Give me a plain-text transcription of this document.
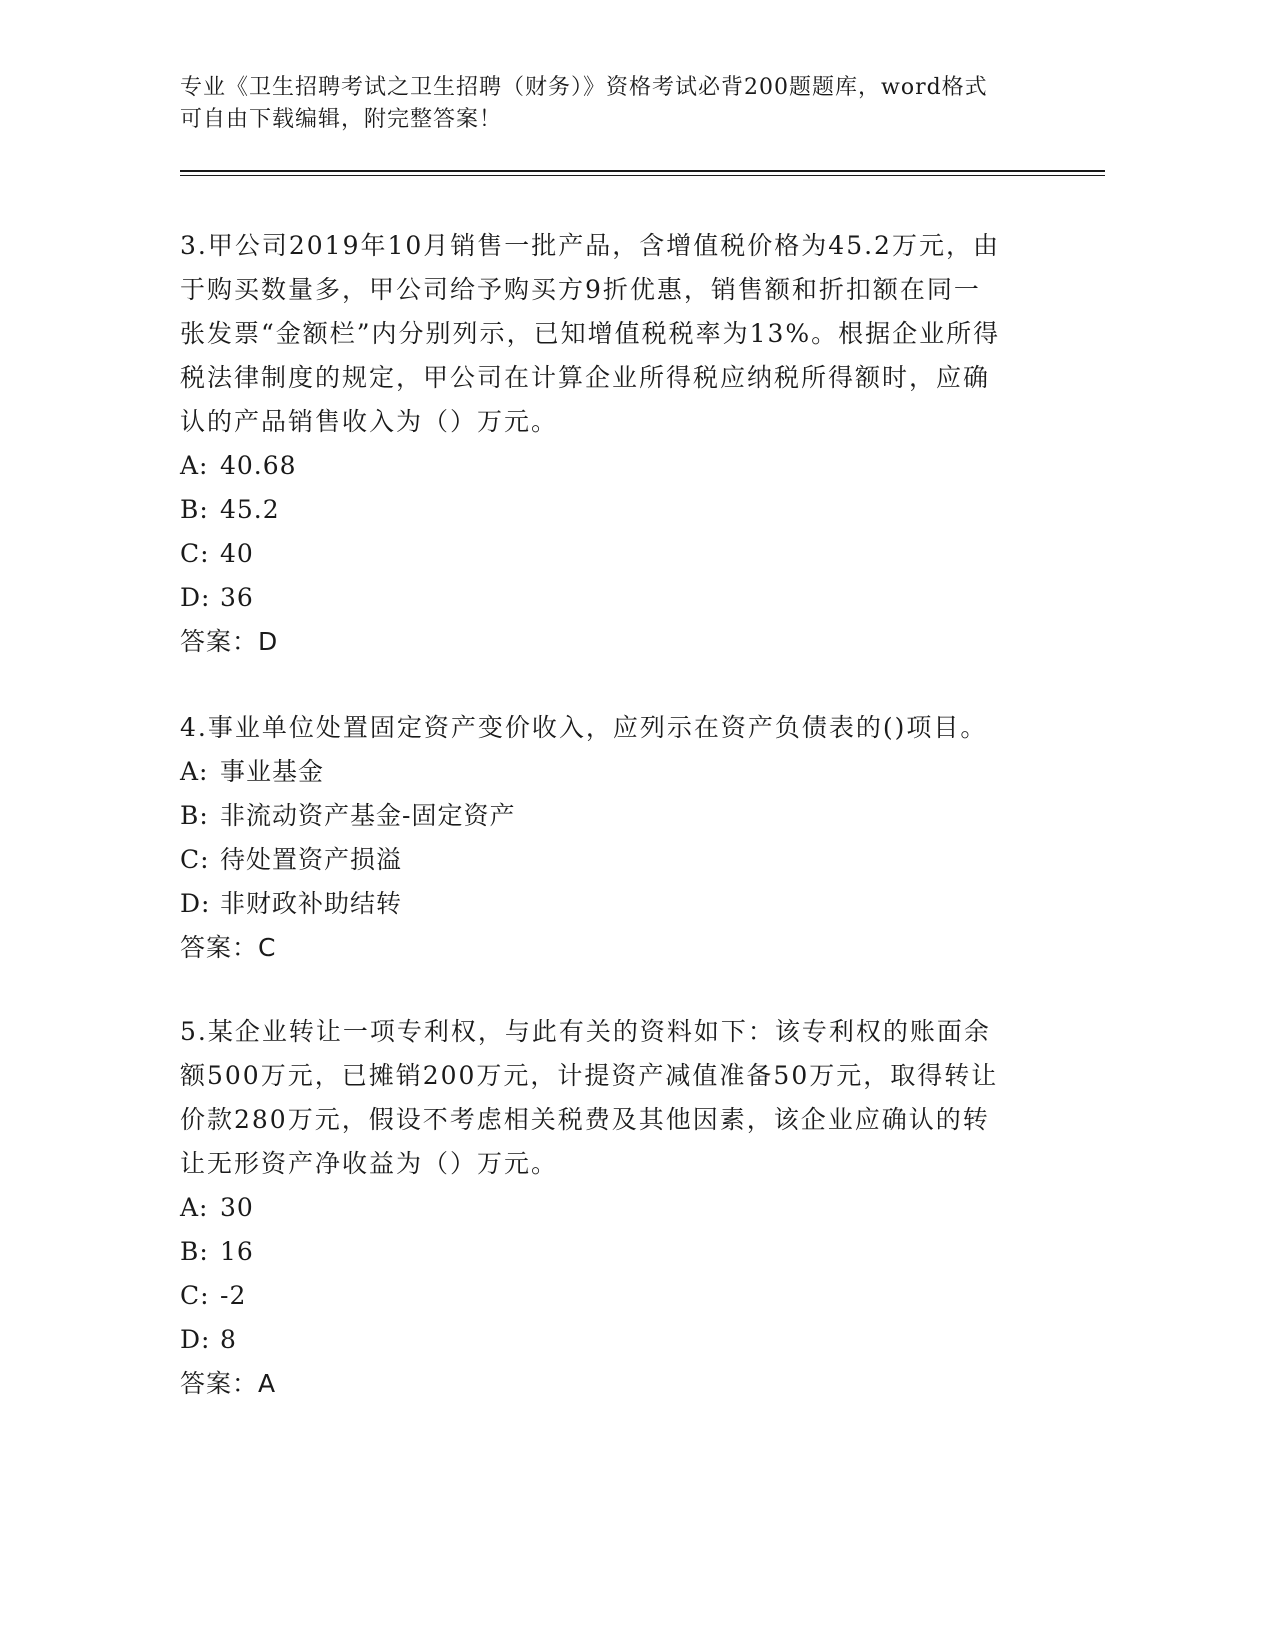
专业《卫生招聘考试之卫生招聘（财务）》资格考试必背200题题库，word格式
可自由下载编辑，附完整答案！

3.甲公司2019年10月销售一批产品，含增值税价格为45.2万元，由

于购买数量多，甲公司给予购买方9折优惠，销售额和折扣额在同一

张发票“金额栏”内分别列示，已知增值税税率为13%。根据企业所得

税法律制度的规定，甲公司在计算企业所得税应纳税所得额时，应确

认的产品销售收入为（）万元。

A: 40.68

B: 45.2

C: 40

D: 36

答案：D

4.事业单位处置固定资产变价收入，应列示在资产负债表的()项目。

A: 事业基金

B: 非流动资产基金-固定资产

C: 待处置资产损溢

D: 非财政补助结转

答案：C

5.某企业转让一项专利权，与此有关的资料如下：该专利权的账面余

额500万元，已摊销200万元，计提资产减值准备50万元，取得转让

价款280万元，假设不考虑相关税费及其他因素，该企业应确认的转

让无形资产净收益为（）万元。

A: 30

B: 16

C: -2

D: 8

答案：A
